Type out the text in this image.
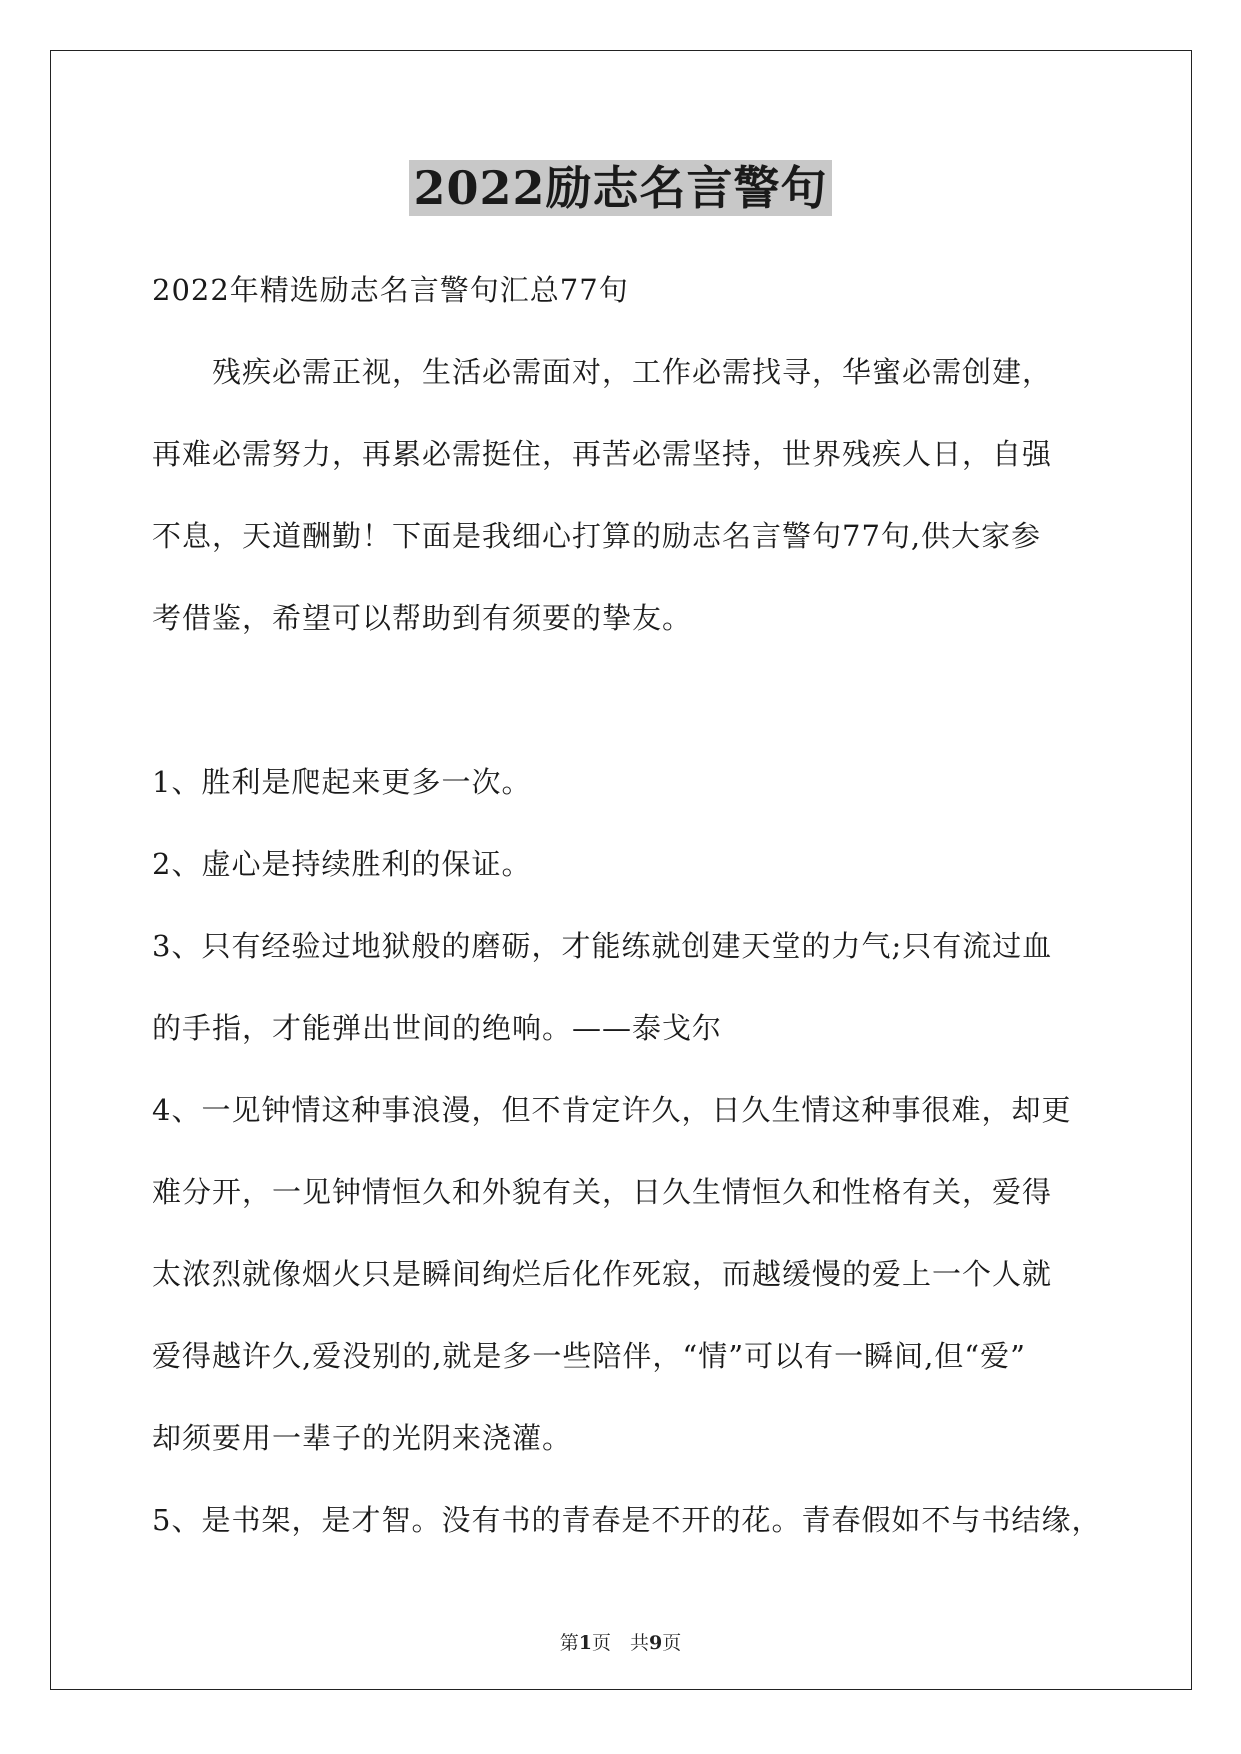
2022励志名言警句
2022年精选励志名言警句汇总77句
　　残疾必需正视，生活必需面对，工作必需找寻，华蜜必需创建，
再难必需努力，再累必需挺住，再苦必需坚持，世界残疾人日，自强
不息，天道酬勤！下面是我细心打算的励志名言警句77句,供大家参
考借鉴，希望可以帮助到有须要的挚友。
1、胜利是爬起来更多一次。
2、虚心是持续胜利的保证。
3、只有经验过地狱般的磨砺，才能练就创建天堂的力气;只有流过血
的手指，才能弹出世间的绝响。——泰戈尔
4、一见钟情这种事浪漫，但不肯定许久，日久生情这种事很难，却更
难分开，一见钟情恒久和外貌有关，日久生情恒久和性格有关，爱得
太浓烈就像烟火只是瞬间绚烂后化作死寂，而越缓慢的爱上一个人就
爱得越许久,爱没别的,就是多一些陪伴，“情”可以有一瞬间,但“爱”
却须要用一辈子的光阴来浇灌。
5、是书架，是才智。没有书的青春是不开的花。青春假如不与书结缘，
第1页　共9页
